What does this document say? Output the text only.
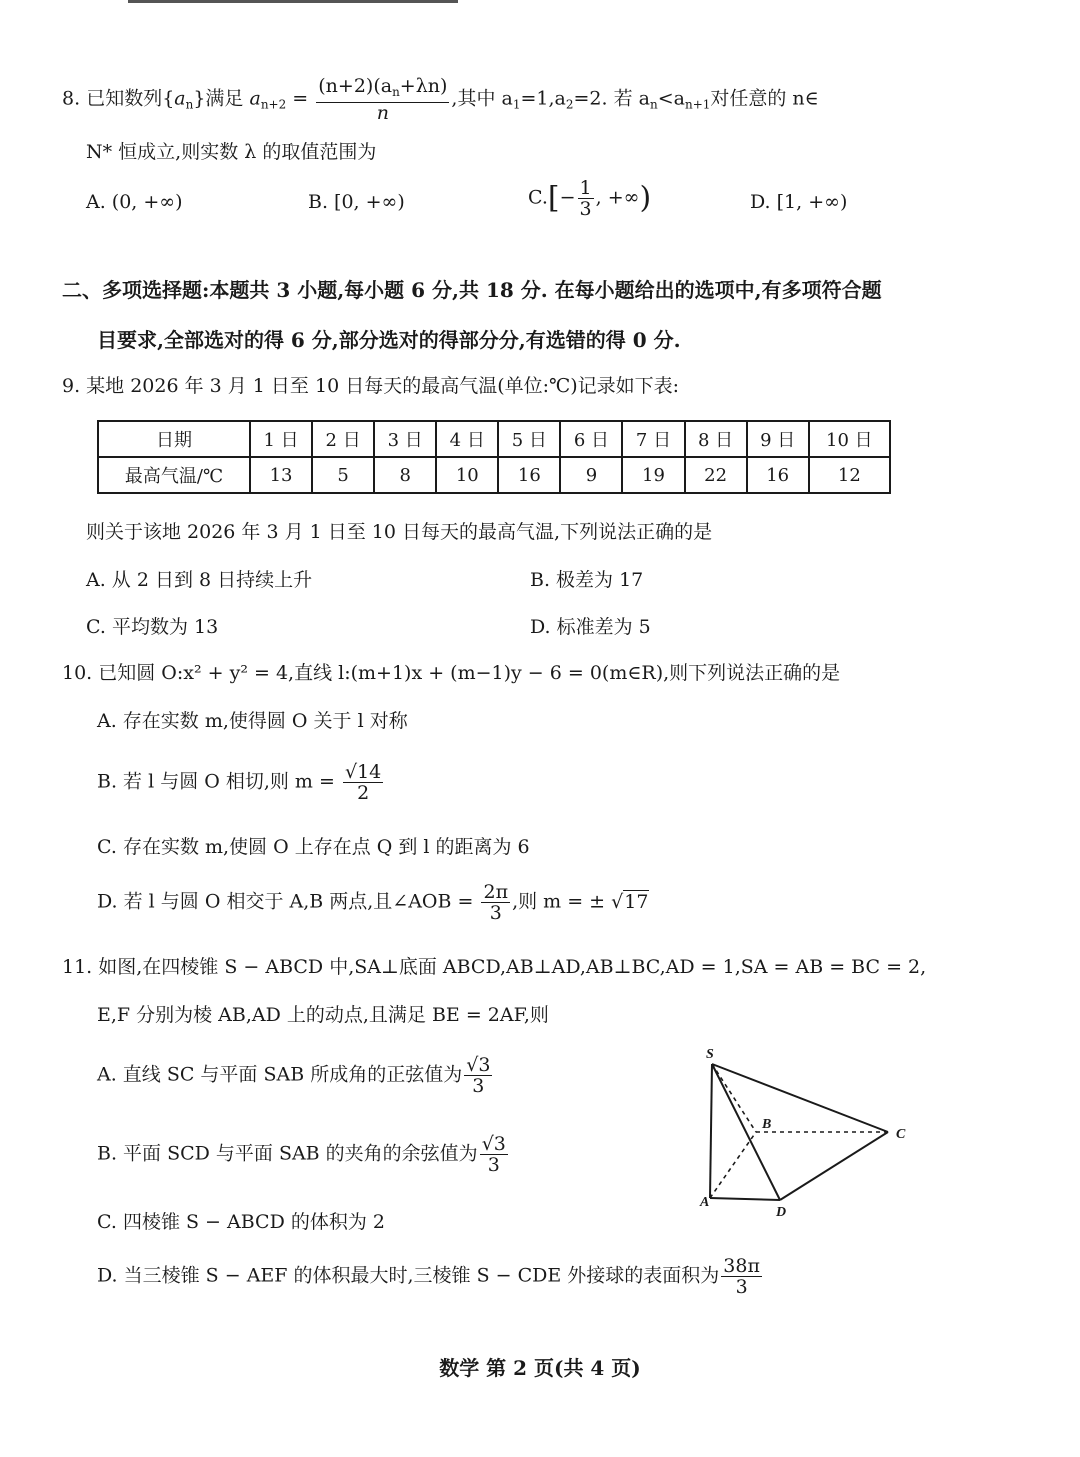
8. 已知数列$\{a_n\}$满足 $a_{n+2} = \frac{(n+2)(a_n+\lambda n)}{n}$ ,其中 $a_1=1,a_2=2$. 若 $a_n<a_{n+1}$对任意的 n∈
N* 恒成立,则实数 λ 的取值范围为
A. (0, +∞)	B. [0, +∞)	$C.[- \frac{1}{3}$ , +∞)	D. [1, +∞)
二、多项选择题:本题共 3 小题,每小题 6 分,共 18 分. 在每小题给出的选项中,有多项符合题
目要求,全部选对的得 6 分,部分选对的得部分分,有选错的得 0 分.
9. 某地 2026 年 3 月 1 日至 10 日每天的最高气温(单位:℃)记录如下表:
日期	1 日	2 日	3 日	4 日	5 日	6 日	7 日	8 日	9 日	10 日
最高气温/℃	13	5	8	10	16	9	19	22	16	12
则关于该地 2026 年 3 月 1 日至 10 日每天的最高气温,下列说法正确的是
A. 从 2 日到 8 日持续上升	B. 极差为 17
C. 平均数为 13	D. 标准差为 5
10. 已知圆 O:x² + y² = 4,直线 l:(m+1)x + (m−1)y − 6 = 0(m∈R),则下列说法正确的是
A. 存在实数 m,使得圆 O 关于 l 对称
B. 若 l 与圆 O 相切,则 $m = \frac{√14}{2}$
C. 存在实数 m,使圆 O 上存在点 Q 到 l 的距离为 6
D. 若 l 与圆 O 相交于 A,B 两点,且∠AOB = $\frac{2\pi}{3}$ ,则 m = ± √17
11. 如图,在四棱锥 S − ABCD 中,SA⊥底面 ABCD,AB⊥AD,AB⊥BC,AD = 1,SA = AB = BC = 2,
E,F 分别为棱 AB,AD 上的动点,且满足 BE = 2AF,则
A. 直线 SC 与平面 SAB 所成角的正弦值为 $\frac{√3}{3}$
B. 平面 SCD 与平面 SAB 的夹角的余弦值为 $\frac{√3}{3}$
C. 四棱锥 S − ABCD 的体积为 2
D. 当三棱锥 S − AEF 的体积最大时,三棱锥 S − CDE 外接球的表面积为 $\frac{38\pi}{3}$
S
B
C
A
D
数学 第 2 页(共 4 页)
